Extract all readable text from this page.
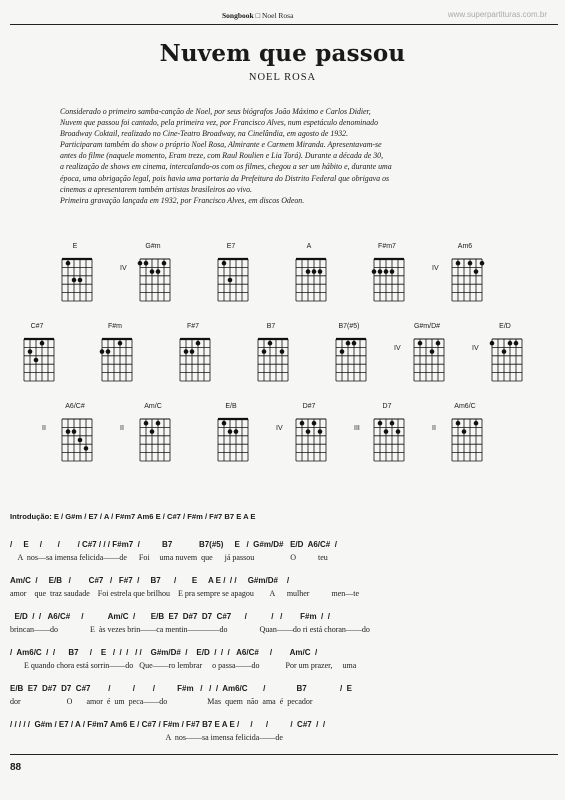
Songbook □ Noel Rosa	www.superpartituras.com.br
Nuvem que passou
NOEL ROSA

Considerado o primeiro samba-canção de Noel, por seus biógrafos João Máximo e Carlos Didier,

Nuvem que passou foi cantado, pela primeira vez, por Francisco Alves, num espetáculo denominado

Broadway Coktail, realizado no Cine-Teatro Broadway, na Cinelândia, em agosto de 1932.

Participaram também do show o próprio Noel Rosa, Almirante e Carmem Miranda. Apresentavam-se

antes do filme (naquele momento, Eram treze, com Raul Roulien e Lia Torá). Durante a década de 30,

a realização de shows em cinema, intercalando-os com os filmes, chegou a ser um hábito e, durante uma

época, uma obrigação legal, pois havia uma portaria da Prefeitura do Distrito Federal que obrigava os

cinemas a apresentarem também artistas brasileiros ao vivo.

Primeira gravação lançada em 1932, por Francisco Alves, em discos Odeon.

E	G#m
IV
E7	A	F#m7	Am6
IV
C#7	F#m	F#7	B7	B7(#5)	G#m/D#
IV
E/D
IV
A6/C#
II
Am/C
II
E/B	D#7
IV
D7
III
Am6/C
II
Introdução: E / G#m / E7 / A / F#m7 Am6 E / C#7 / F#m / F#7 B7 E A E
/     E     /       /        / C#7 / / / F#m7  /          B7            B7(#5)     E   /  G#m/D#   E/D  A6/C#  /
A  nos—sa imensa felicida——de      Foi     uma nuvem  que      já passou                  O           teu
Am/C  /     E/B   /        C#7   /   F#7  /     B7      /       E     A E /  / /     G#m/D#    /
amor    que  traz saudade    Foi estrela que brilhou    E pra sempre se apagou        A      mulher           men—te
E/D  /  /   A6/C#     /           Am/C  /       E/B  E7  D#7  D7  C#7      /           /   /        F#m  /  /
brincan——do                E  às vezes brin——ca mentin————do                Quan——do ri está choran——do
/  Am6/C  /  /      B7     /    E   /  /  /   / /    G#m/D#  /    E/D  /  /  /   A6/C#     /        Am/C  /
E quando chora está sorrin——do   Que——ro lembrar     o passa——do             Por um prazer,     uma
E/B  E7  D#7  D7  C#7        /          /        /          F#m   /   /  /  Am6/C       /              B7               /  E
dor                       O       amor  é  um  peca——do                    Mas  quem  não  ama  é  pecador
/ / / / /  G#m / E7 / A / F#m7 Am6 E / C#7 / F#m / F#7 B7 E A E /     /      /          /  C#7  /  /
A  nos——sa imensa felicida——de
88
